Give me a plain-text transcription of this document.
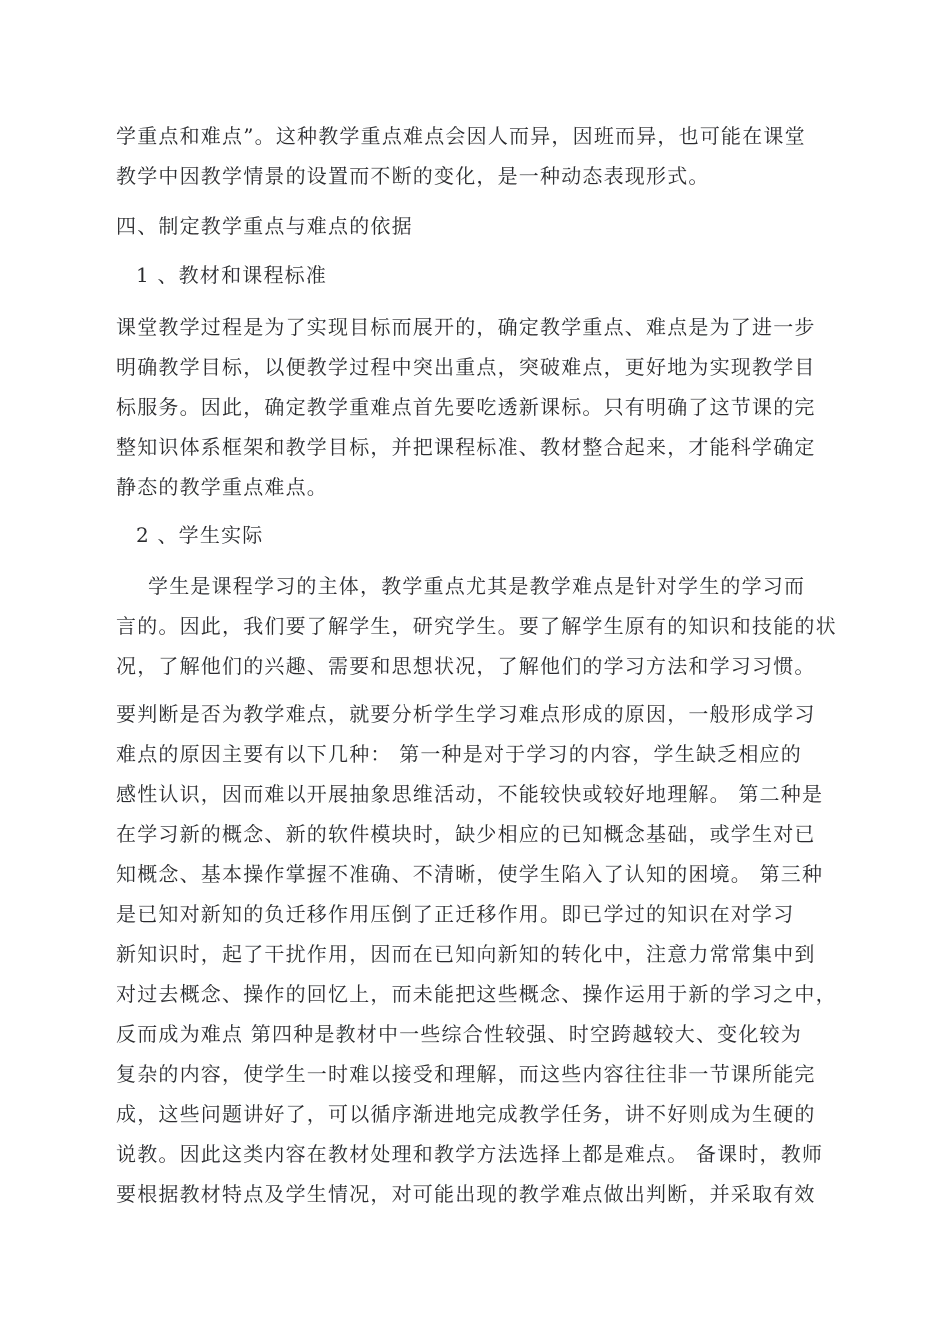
学重点和难点”。这种教学重点难点会因人而异，因班而异，也可能在课堂
教学中因教学情景的设置而不断的变化，是一种动态表现形式。
四、制定教学重点与难点的依据
1 、教材和课程标准
课堂教学过程是为了实现目标而展开的，确定教学重点、难点是为了进一步
明确教学目标，以便教学过程中突出重点，突破难点，更好地为实现教学目
标服务。因此，确定教学重难点首先要吃透新课标。只有明确了这节课的完
整知识体系框架和教学目标，并把课程标准、教材整合起来，才能科学确定
静态的教学重点难点。
2 、学生实际
学生是课程学习的主体，教学重点尤其是教学难点是针对学生的学习而
言的。因此，我们要了解学生，研究学生。要了解学生原有的知识和技能的状
况，了解他们的兴趣、需要和思想状况，了解他们的学习方法和学习习惯。
要判断是否为教学难点，就要分析学生学习难点形成的原因，一般形成学习
难点的原因主要有以下几种： 第一种是对于学习的内容，学生缺乏相应的
感性认识，因而难以开展抽象思维活动，不能较快或较好地理解。 第二种是
在学习新的概念、新的软件模块时，缺少相应的已知概念基础，或学生对已
知概念、基本操作掌握不准确、不清晰，使学生陷入了认知的困境。 第三种
是已知对新知的负迁移作用压倒了正迁移作用。即已学过的知识在对学习
新知识时，起了干扰作用，因而在已知向新知的转化中，注意力常常集中到
对过去概念、操作的回忆上，而未能把这些概念、操作运用于新的学习之中，
反而成为难点 第四种是教材中一些综合性较强、时空跨越较大、变化较为
复杂的内容，使学生一时难以接受和理解，而这些内容往往非一节课所能完
成，这些问题讲好了，可以循序渐进地完成教学任务，讲不好则成为生硬的
说教。因此这类内容在教材处理和教学方法选择上都是难点。 备课时，教师
要根据教材特点及学生情况，对可能出现的教学难点做出判断，并采取有效
